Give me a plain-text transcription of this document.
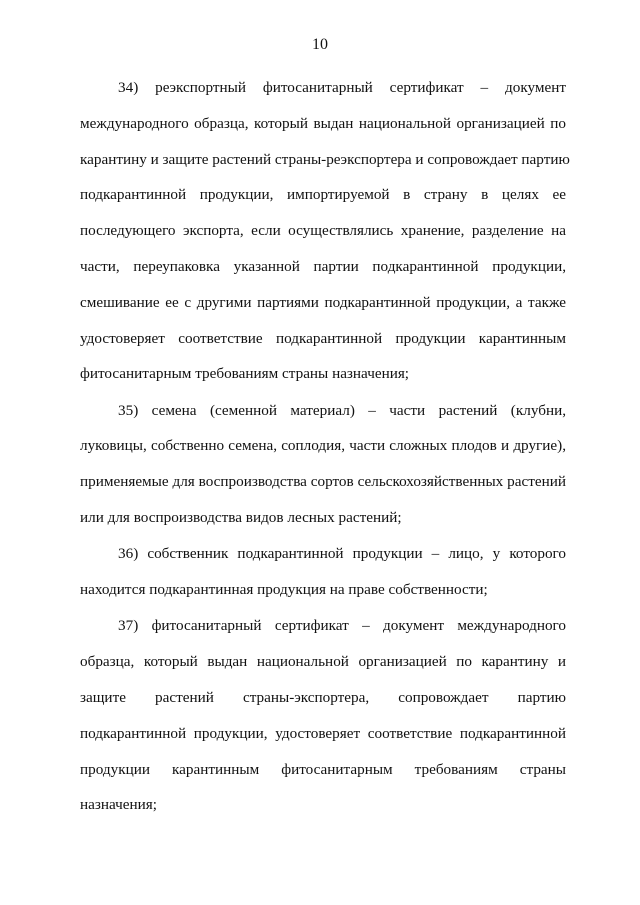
10

34) реэкспортный фитосанитарный сертификат – документ
международного образца, который выдан национальной организацией по
карантину и защите растений страны-реэкспортера и сопровождает партию
подкарантинной продукции, импортируемой в страну в целях ее
последующего экспорта, если осуществлялись хранение, разделение на
части, переупаковка указанной партии подкарантинной продукции,
смешивание ее с другими партиями подкарантинной продукции, а также
удостоверяет соответствие подкарантинной продукции карантинным
фитосанитарным требованиям страны назначения;

35) семена (семенной материал) – части растений (клубни,
луковицы, собственно семена, соплодия, части сложных плодов и другие),
применяемые для воспроизводства сортов сельскохозяйственных растений
или для воспроизводства видов лесных растений;

36) собственник подкарантинной продукции – лицо, у которого
находится подкарантинная продукция на праве собственности;

37) фитосанитарный сертификат – документ международного
образца, который выдан национальной организацией по карантину и
защите растений страны-экспортера, сопровождает партию
подкарантинной продукции, удостоверяет соответствие подкарантинной
продукции карантинным фитосанитарным требованиям страны
назначения;
